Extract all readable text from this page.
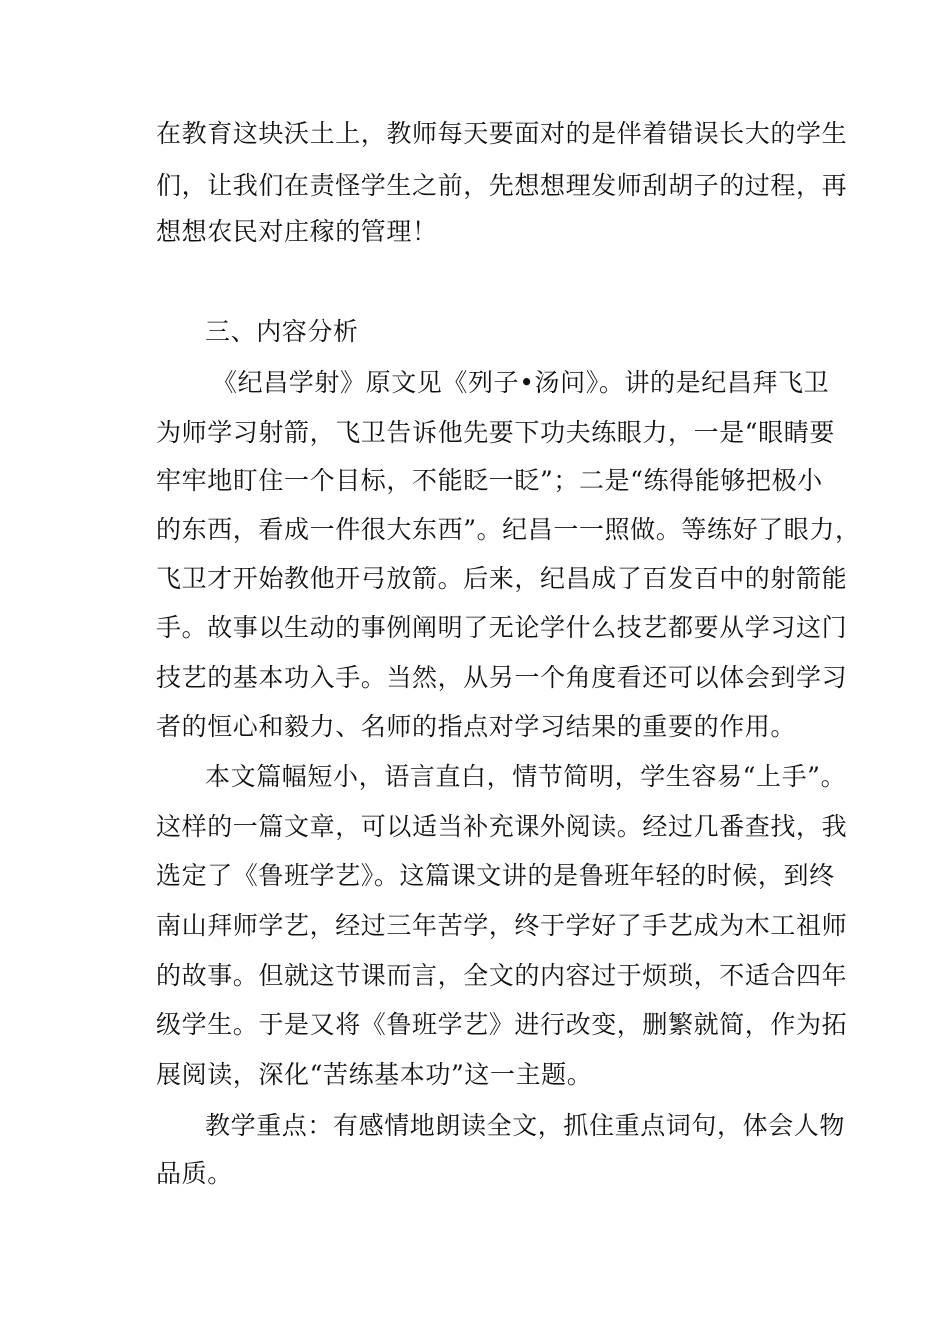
在教育这块沃土上，教师每天要面对的是伴着错误长大的学生
们，让我们在责怪学生之前，先想想理发师刮胡子的过程，再
想想农民对庄稼的管理！
三、内容分析
《纪昌学射》原文见《列子•汤问》。讲的是纪昌拜飞卫
为师学习射箭，飞卫告诉他先要下功夫练眼力，一是“眼睛要
牢牢地盯住一个目标，不能眨一眨”；二是“练得能够把极小
的东西，看成一件很大东西”。纪昌一一照做。等练好了眼力，
飞卫才开始教他开弓放箭。后来，纪昌成了百发百中的射箭能
手。故事以生动的事例阐明了无论学什么技艺都要从学习这门
技艺的基本功入手。当然，从另一个角度看还可以体会到学习
者的恒心和毅力、名师的指点对学习结果的重要的作用。
本文篇幅短小，语言直白，情节简明，学生容易“上手”。
这样的一篇文章，可以适当补充课外阅读。经过几番查找，我
选定了《鲁班学艺》。这篇课文讲的是鲁班年轻的时候，到终
南山拜师学艺，经过三年苦学，终于学好了手艺成为木工祖师
的故事。但就这节课而言，全文的内容过于烦琐，不适合四年
级学生。于是又将《鲁班学艺》进行改变，删繁就简，作为拓
展阅读，深化“苦练基本功”这一主题。
教学重点：有感情地朗读全文，抓住重点词句，体会人物
品质。
